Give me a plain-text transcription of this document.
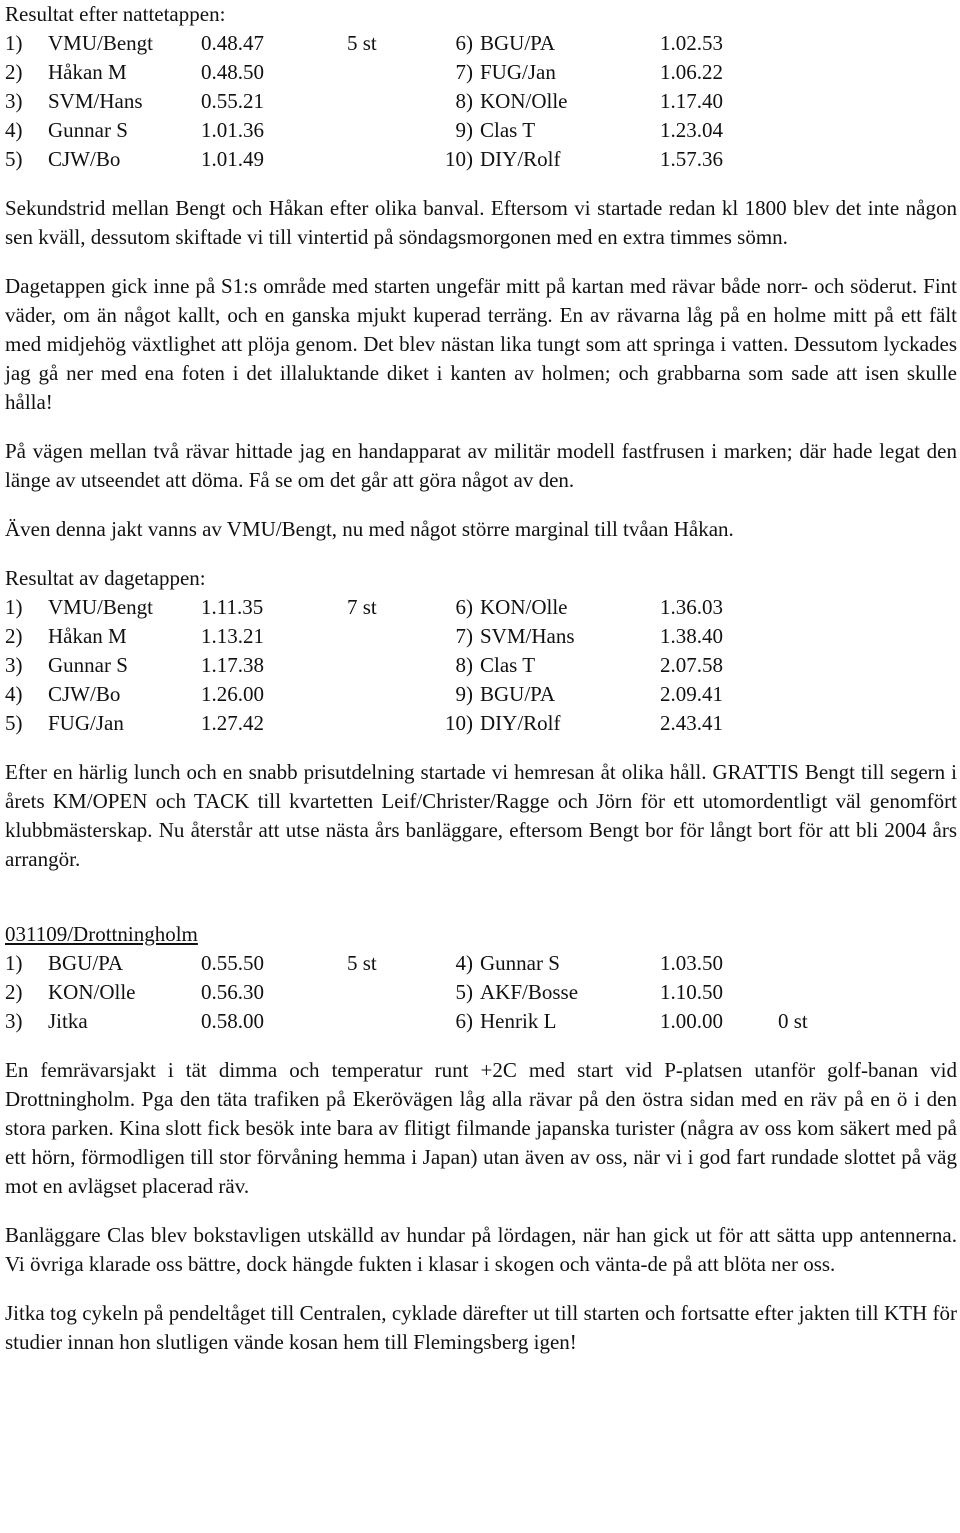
Resultat efter nattetappen:
1) VMU/Bengt 0.48.47	5 st	6) BGU/PA	1.02.53
2) Håkan M	0.48.50	7) FUG/Jan	1.06.22
3) SVM/Hans	0.55.21	8) KON/Olle	1.17.40
4) Gunnar S	1.01.36	9) Clas T	1.23.04
5) CJW/Bo	1.01.49	10) DIY/Rolf	1.57.36

Sekundstrid mellan Bengt och Håkan efter olika banval. Eftersom vi startade redan kl 1800 blev det inte någon sen kväll, dessutom skiftade vi till vintertid på söndagsmorgonen med en extra timmes sömn.

Dagetappen gick inne på S1:s område med starten ungefär mitt på kartan med rävar både norr- och söderut. Fint väder, om än något kallt, och en ganska mjukt kuperad terräng. En av rävarna låg på en holme mitt på ett fält med midjehög växtlighet att plöja genom. Det blev nästan lika tungt som att springa i vatten. Dessutom lyckades jag gå ner med ena foten i det illaluktande diket i kanten av holmen; och grabbarna som sade att isen skulle hålla!

På vägen mellan två rävar hittade jag en handapparat av militär modell fastfrusen i marken; där hade legat den länge av utseendet att döma. Få se om det går att göra något av den.

Även denna jakt vanns av VMU/Bengt, nu med något större marginal till tvåan Håkan.

Resultat av dagetappen:
1) VMU/Bengt 1.11.35	7 st	6) KON/Olle	1.36.03
2) Håkan M	1.13.21	7) SVM/Hans	1.38.40
3) Gunnar S	1.17.38	8) Clas T	2.07.58
4) CJW/Bo	1.26.00	9) BGU/PA	2.09.41
5) FUG/Jan	1.27.42	10) DIY/Rolf	2.43.41

Efter en härlig lunch och en snabb prisutdelning startade vi hemresan åt olika håll. GRATTIS Bengt till segern i årets KM/OPEN och TACK till kvartetten Leif/Christer/Ragge och Jörn för ett utomordentligt väl genomfört klubbmästerskap. Nu återstår att utse nästa års banläggare, eftersom Bengt bor för långt bort för att bli 2004 års arrangör.

031109/Drottningholm
1) BGU/PA	0.55.50	5 st	4) Gunnar S	1.03.50
2) KON/Olle	0.56.30	5) AKF/Bosse	1.10.50
3) Jitka	0.58.00	6) Henrik L	1.00.00	0 st

En femrävarsjakt i tät dimma och temperatur runt +2C med start vid P-platsen utanför golf-banan vid Drottningholm. Pga den täta trafiken på Ekerövägen låg alla rävar på den östra sidan med en räv på en ö i den stora parken. Kina slott fick besök inte bara av flitigt filmande japanska turister (några av oss kom säkert med på ett hörn, förmodligen till stor förvåning hemma i Japan) utan även av oss, när vi i god fart rundade slottet på väg mot en avlägset placerad räv.

Banläggare Clas blev bokstavligen utskälld av hundar på lördagen, när han gick ut för att sätta upp antennerna. Vi övriga klarade oss bättre, dock hängde fukten i klasar i skogen och vänta-de på att blöta ner oss.

Jitka tog cykeln på pendeltåget till Centralen, cyklade därefter ut till starten och fortsatte efter jakten till KTH för studier innan hon slutligen vände kosan hem till Flemingsberg igen!
